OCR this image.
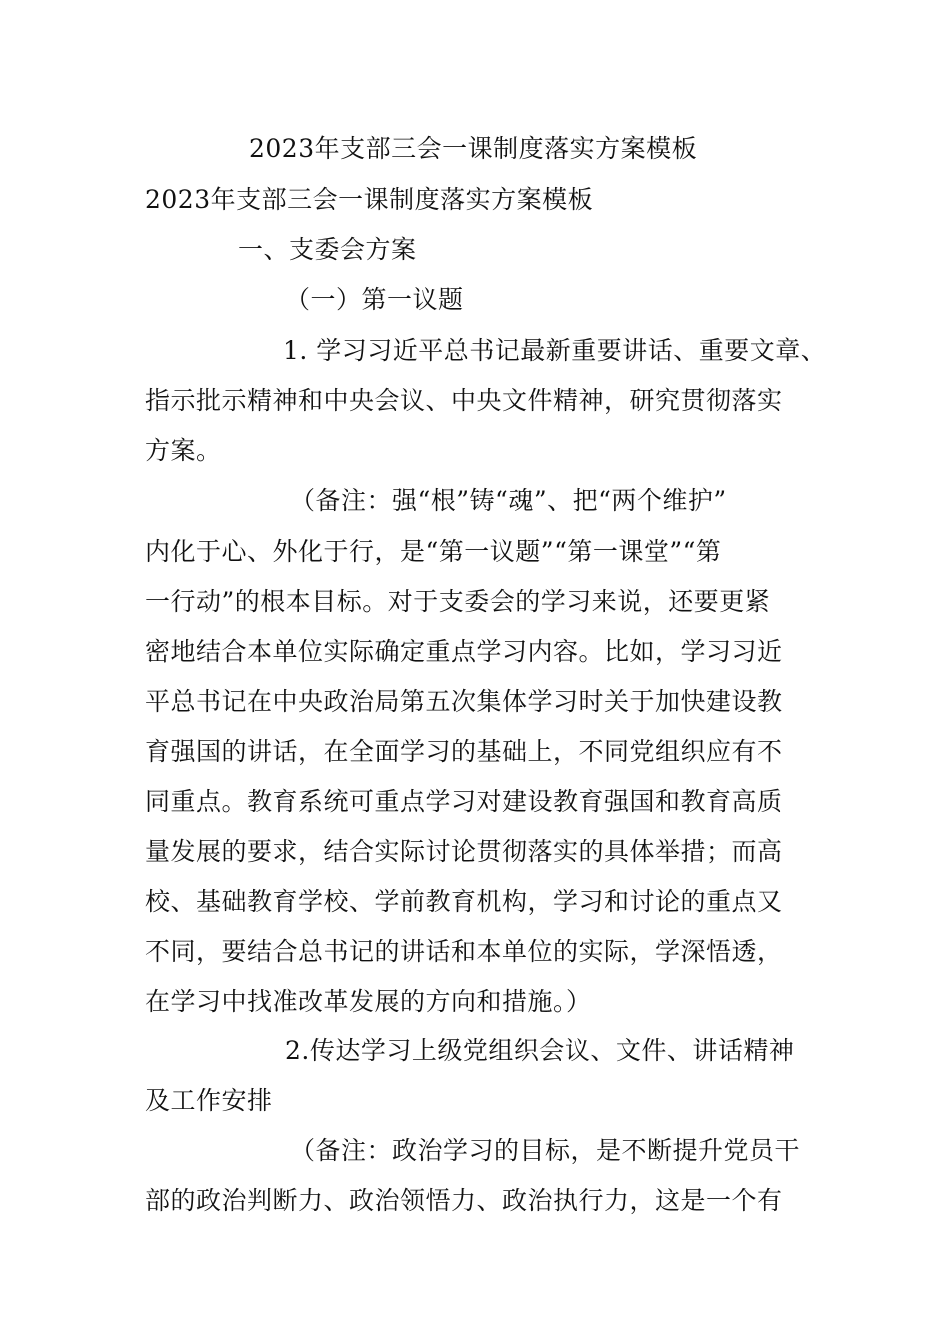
2023年支部三会一课制度落实方案模板
2023年支部三会一课制度落实方案模板
一、支委会方案
（一）第一议题
1. 学习习近平总书记最新重要讲话、重要文章、
指示批示精神和中央会议、中央文件精神，研究贯彻落实
方案。
（备注：强“根”铸“魂”、把“两个维护”
内化于心、外化于行，是“第一议题”“第一课堂”“第
一行动”的根本目标。对于支委会的学习来说，还要更紧
密地结合本单位实际确定重点学习内容。比如，学习习近
平总书记在中央政治局第五次集体学习时关于加快建设教
育强国的讲话，在全面学习的基础上，不同党组织应有不
同重点。教育系统可重点学习对建设教育强国和教育高质
量发展的要求，结合实际讨论贯彻落实的具体举措；而高
校、基础教育学校、学前教育机构，学习和讨论的重点又
不同，要结合总书记的讲话和本单位的实际，学深悟透，
在学习中找准改革发展的方向和措施。）
2.传达学习上级党组织会议、文件、讲话精神
及工作安排
（备注：政治学习的目标，是不断提升党员干
部的政治判断力、政治领悟力、政治执行力，这是一个有
